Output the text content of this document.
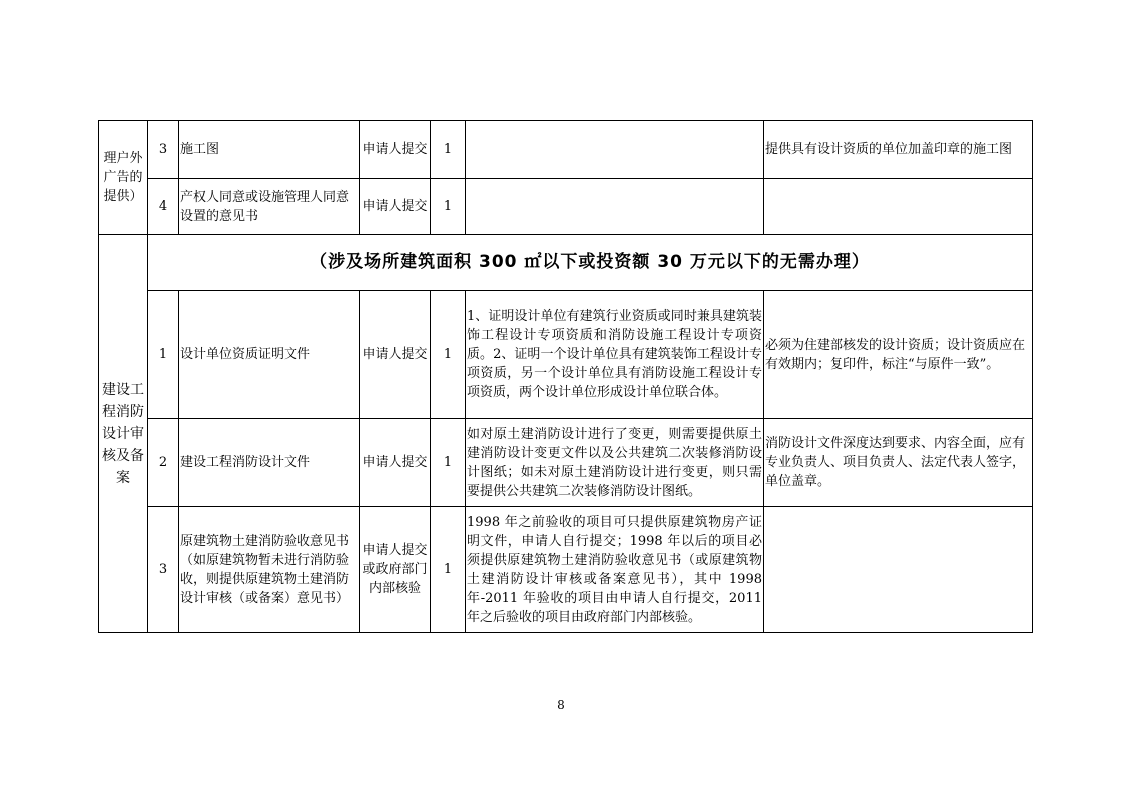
理户外广告的提供）	3	施工图	申请人提交	1		提供具有设计资质的单位加盖印章的施工图
	4	产权人同意或设施管理人同意设置的意见书	申请人提交	1		
建设工程消防设计审核及备案	（涉及场所建筑面积 300 ㎡以下或投资额 30 万元以下的无需办理）					
	1	设计单位资质证明文件	申请人提交	1	1、证明设计单位有建筑行业资质或同时兼具建筑装饰工程设计专项资质和消防设施工程设计专项资质。2、证明一个设计单位具有建筑装饰工程设计专项资质，另一个设计单位具有消防设施工程设计专项资质，两个设计单位形成设计单位联合体。	必须为住建部核发的设计资质；设计资质应在有效期内；复印件，标注“与原件一致”。
	2	建设工程消防设计文件	申请人提交	1	如对原土建消防设计进行了变更，则需要提供原土建消防设计变更文件以及公共建筑二次装修消防设计图纸；如未对原土建消防设计进行变更，则只需要提供公共建筑二次装修消防设计图纸。	消防设计文件深度达到要求、内容全面，应有专业负责人、项目负责人、法定代表人签字，单位盖章。
	3	原建筑物土建消防验收意见书（如原建筑物暂未进行消防验收，则提供原建筑物土建消防设计审核（或备案）意见书）	申请人提交或政府部门内部核验	1	1998 年之前验收的项目可只提供原建筑物房产证明文件，申请人自行提交；1998 年以后的项目必须提供原建筑物土建消防验收意见书（或原建筑物土建消防设计审核或备案意见书），其中 1998 年-2011 年验收的项目由申请人自行提交，2011 年之后验收的项目由政府部门内部核验。	
8
